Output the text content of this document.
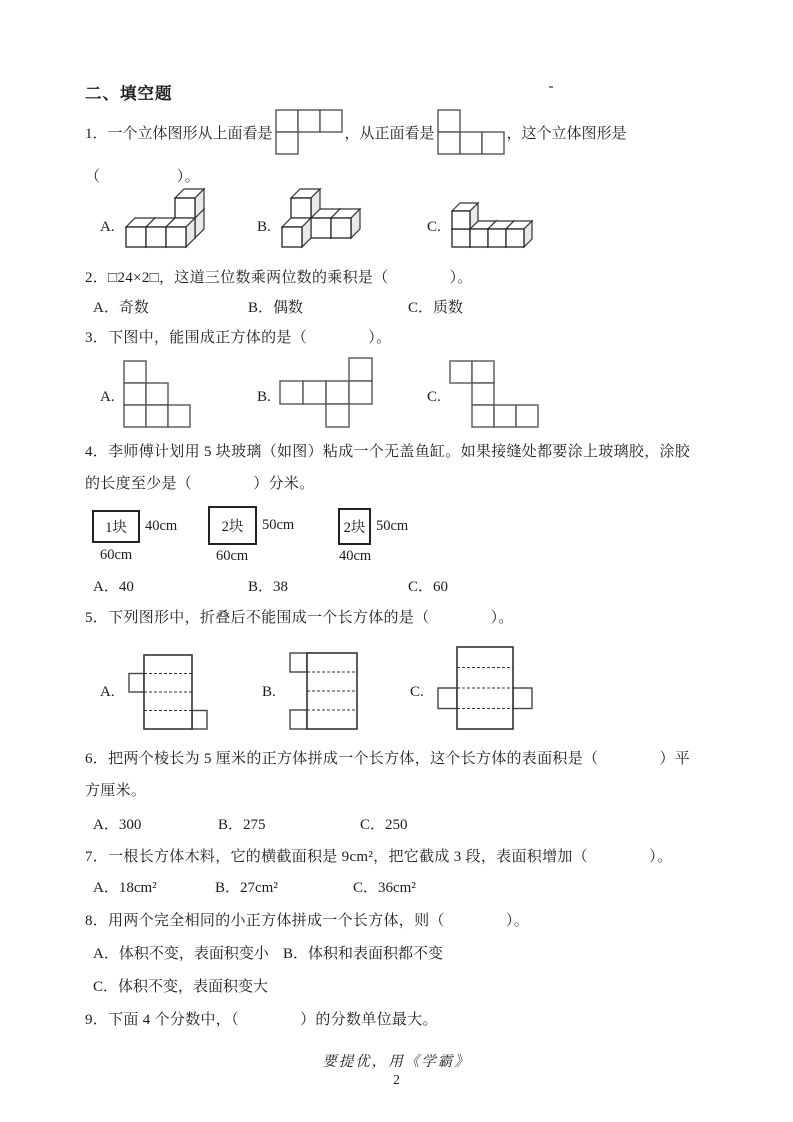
二、填空题
1．一个立体图形从上面看是	，从正面看是	，这个立体图形是
（　　　　　）。
A.	B.	C.
2．□24×2□，这道三位数乘两位数的乘积是（　　　　）。
A．奇数	B．偶数	C．质数
3．下图中，能围成正方体的是（　　　　）。
A.	B.	C.
4．李师傅计划用 5 块玻璃（如图）粘成一个无盖鱼缸。如果接缝处都要涂上玻璃胶，涂胶
的长度至少是（　　　　）分米。
1块 40cm
60cm
2块 50cm
60cm
2块 50cm
40cm
A．40	B．38	C．60
5．下列图形中，折叠后不能围成一个长方体的是（　　　　）。
A.	B.	C.
6．把两个棱长为 5 厘米的正方体拼成一个长方体，这个长方体的表面积是（　　　　）平
方厘米。
A．300	B．275	C．250
7．一根长方体木料，它的横截面积是 9cm²，把它截成 3 段，表面积增加（　　　　）。
A．18cm²	B．27cm²	C．36cm²
8．用两个完全相同的小正方体拼成一个长方体，则（　　　　）。
A．体积不变，表面积变小 B．体积和表面积都不变
C．体积不变，表面积变大
9．下面 4 个分数中，（　　　　）的分数单位最大。
要提优，用《学霸》
2
